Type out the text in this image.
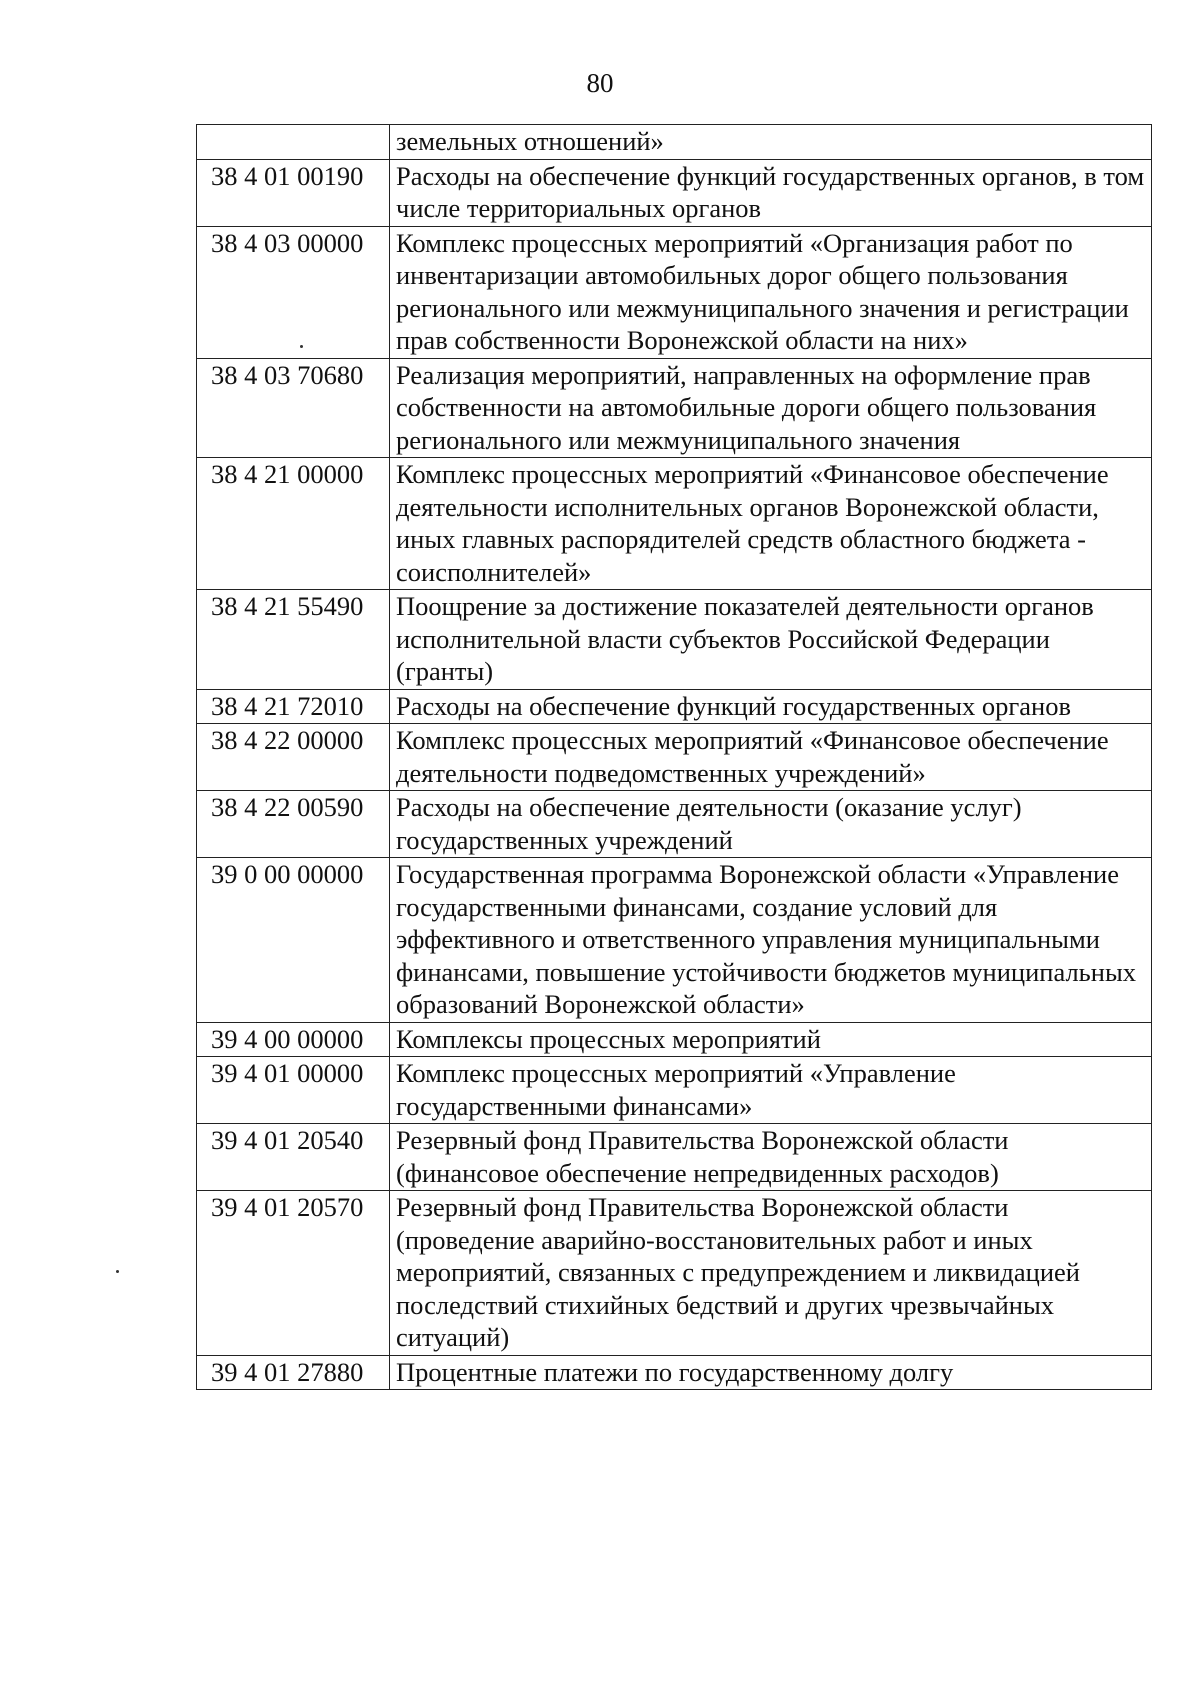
80
	земельных отношений»
38 4 01 00190	Расходы на обеспечение функций государственных органов, в том числе территориальных органов
38 4 03 00000	Комплекс процессных мероприятий «Организация работ по инвентаризации автомобильных дорог общего пользования регионального или межмуниципального значения и регистрации прав собственности Воронежской области на них»
38 4 03 70680	Реализация мероприятий, направленных на оформление прав собственности на автомобильные дороги общего пользования регионального или межмуниципального значения
38 4 21 00000	Комплекс процессных мероприятий «Финансовое обеспечение деятельности исполнительных органов Воронежской области, иных главных распорядителей средств областного бюджета - соисполнителей»
38 4 21 55490	Поощрение за достижение показателей деятельности органов исполнительной власти субъектов Российской Федерации (гранты)
38 4 21 72010	Расходы на обеспечение функций государственных органов
38 4 22 00000	Комплекс процессных мероприятий «Финансовое обеспечение деятельности подведомственных учреждений»
38 4 22 00590	Расходы на обеспечение деятельности (оказание услуг) государственных учреждений
39 0 00 00000	Государственная программа Воронежской области «Управление государственными финансами, создание условий для эффективного и ответственного управления муниципальными финансами, повышение устойчивости бюджетов муниципальных образований Воронежской области»
39 4 00 00000	Комплексы процессных мероприятий
39 4 01 00000	Комплекс процессных мероприятий «Управление государственными финансами»
39 4 01 20540	Резервный фонд Правительства Воронежской области (финансовое обеспечение непредвиденных расходов)
39 4 01 20570	Резервный фонд Правительства Воронежской области (проведение аварийно-восстановительных работ и иных мероприятий, связанных с предупреждением и ликвидацией последствий стихийных бедствий и других чрезвычайных ситуаций)
39 4 01 27880	Процентные платежи по государственному долгу
